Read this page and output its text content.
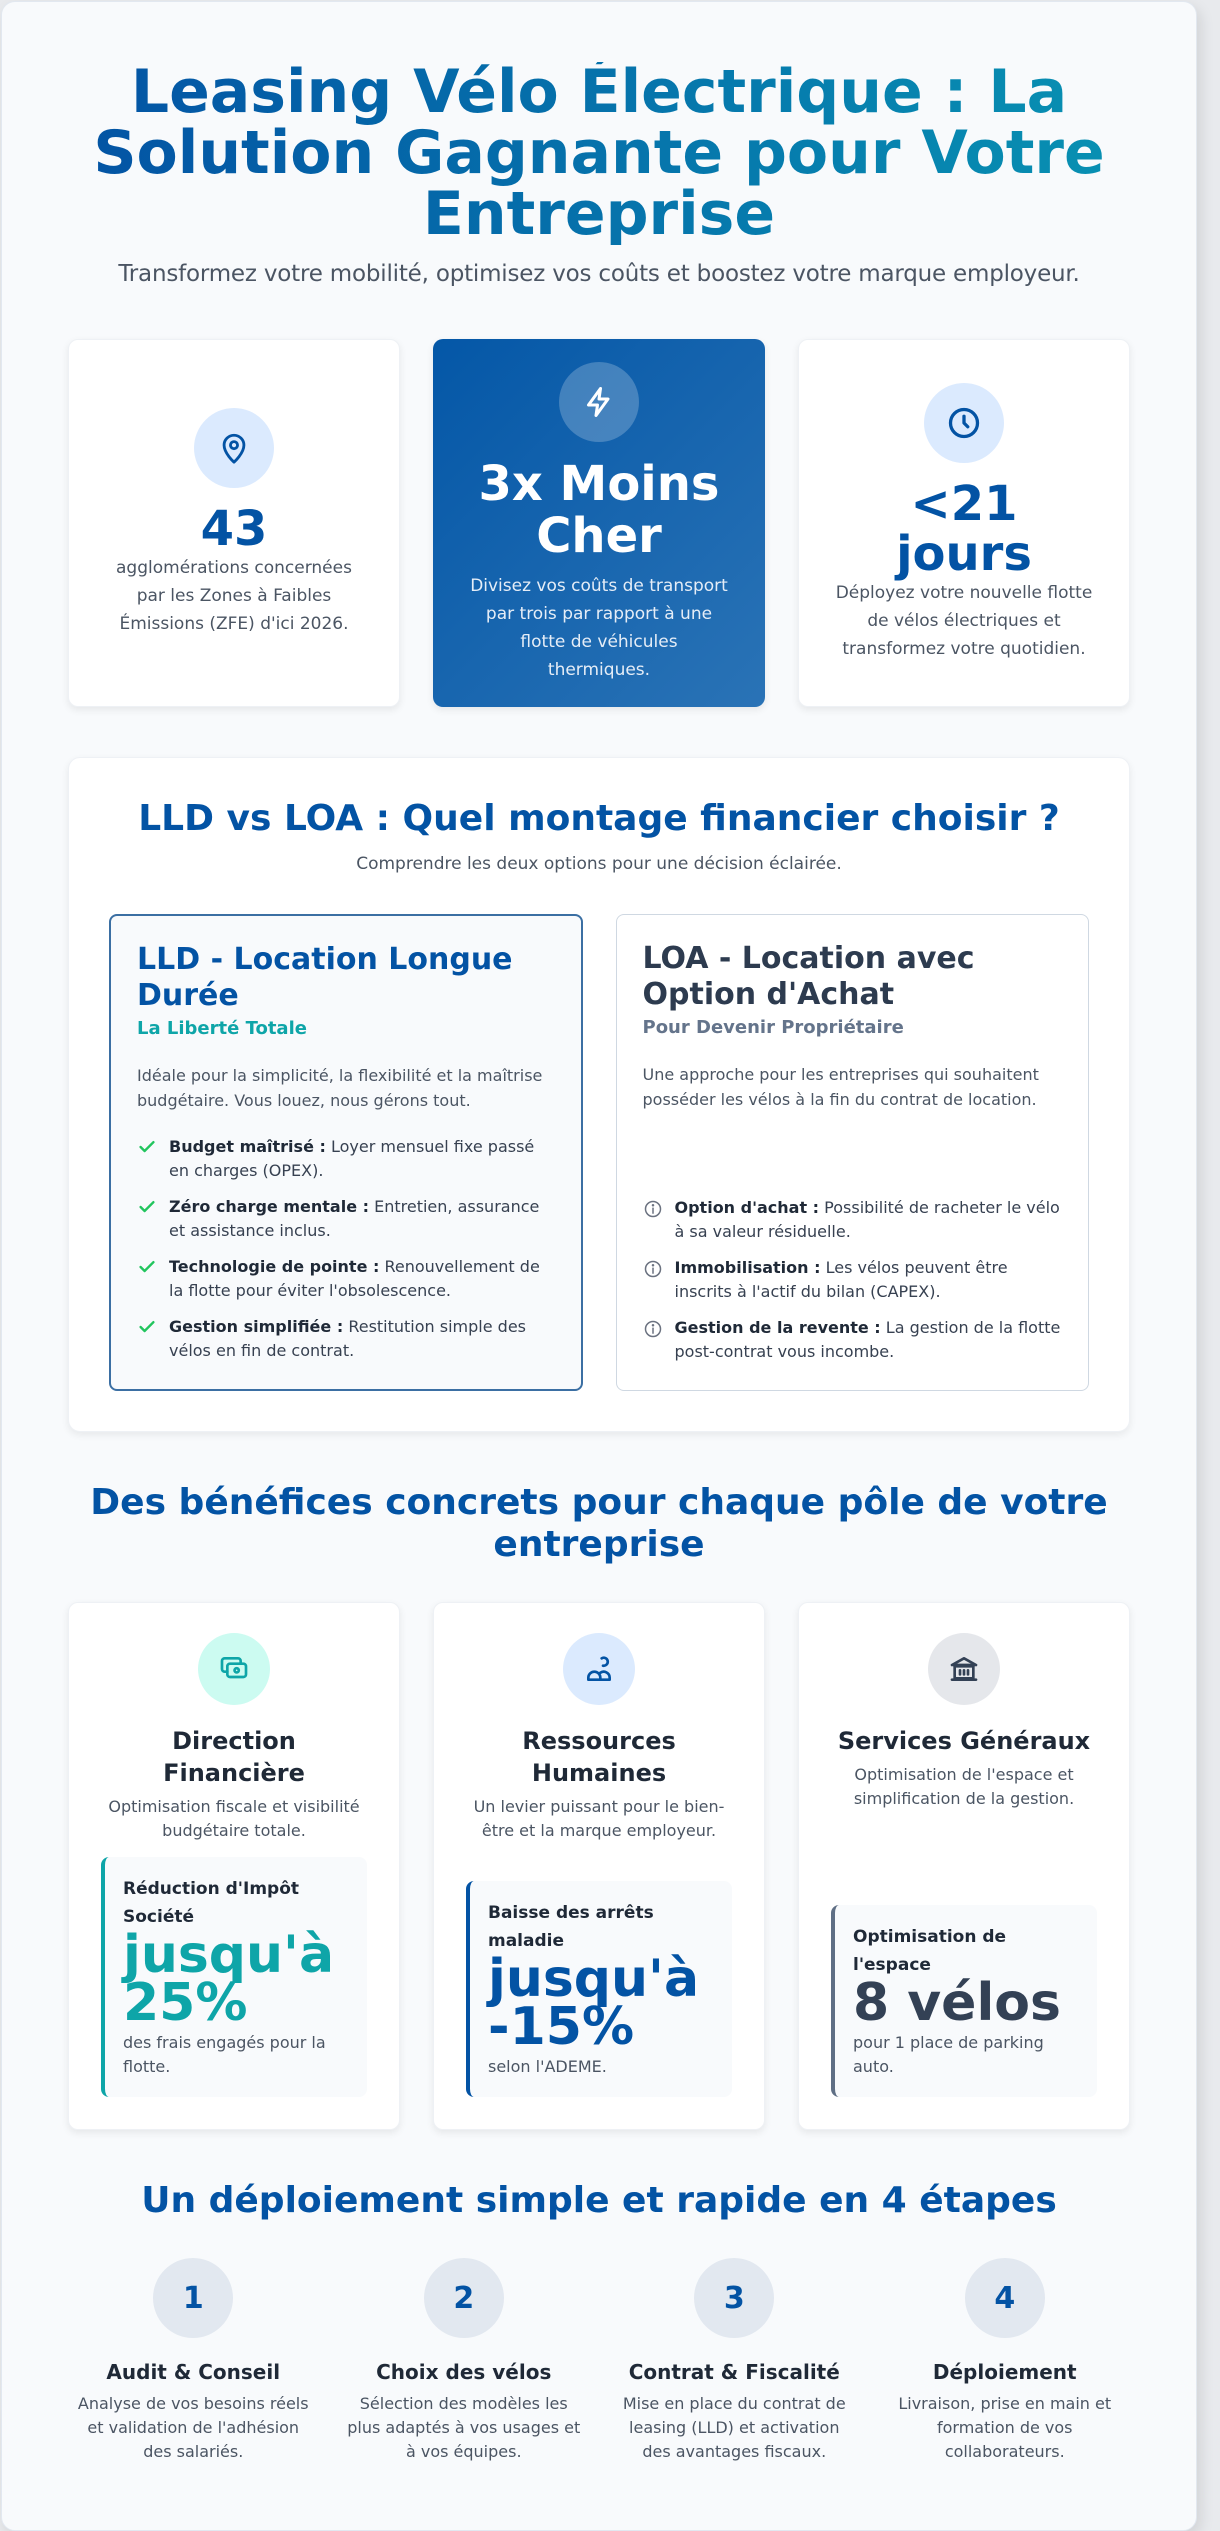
Leasing Vélo Électrique : La Solution Gagnante pour Votre Entreprise

Transformez votre mobilité, optimisez vos coûts et boostez votre marque employeur.

43

agglomérations concernées par les Zones à Faibles Émissions (ZFE) d'ici 2026.

3x Moins Cher

Divisez vos coûts de transport par trois par rapport à une flotte de véhicules thermiques.

<21 jours

Déployez votre nouvelle flotte de vélos électriques et transformez votre quotidien.

LLD vs LOA : Quel montage financier choisir ?

Comprendre les deux options pour une décision éclairée.

LLD - Location Longue Durée
La Liberté Totale

Idéale pour la simplicité, la flexibilité et la maîtrise budgétaire. Vous louez, nous gérons tout.

Budget maîtrisé : Loyer mensuel fixe passé en charges (OPEX).
Zéro charge mentale : Entretien, assurance et assistance inclus.
Technologie de pointe : Renouvellement de la flotte pour éviter l'obsolescence.
Gestion simplifiée : Restitution simple des vélos en fin de contrat.
LOA - Location avec Option d'Achat
Pour Devenir Propriétaire

Une approche pour les entreprises qui souhaitent posséder les vélos à la fin du contrat de location.

Option d'achat : Possibilité de racheter le vélo à sa valeur résiduelle.
Immobilisation : Les vélos peuvent être inscrits à l'actif du bilan (CAPEX).
Gestion de la revente : La gestion de la flotte post-contrat vous incombe.
Des bénéfices concrets pour chaque pôle de votre entreprise
Direction Financière

Optimisation fiscale et visibilité budgétaire totale.

Réduction d'Impôt Société
jusqu'à 25%
des frais engagés pour la flotte.
Ressources Humaines

Un levier puissant pour le bien-être et la marque employeur.

Baisse des arrêts maladie
jusqu'à -15%
selon l'ADEME.
Services Généraux

Optimisation de l'espace et simplification de la gestion.

Optimisation de l'espace
8 vélos
pour 1 place de parking auto.
Un déploiement simple et rapide en 4 étapes
1
Audit & Conseil

Analyse de vos besoins réels et validation de l'adhésion des salariés.

2
Choix des vélos

Sélection des modèles les plus adaptés à vos usages et à vos équipes.

3
Contrat & Fiscalité

Mise en place du contrat de leasing (LLD) et activation des avantages fiscaux.

4
Déploiement

Livraison, prise en main et formation de vos collaborateurs.
